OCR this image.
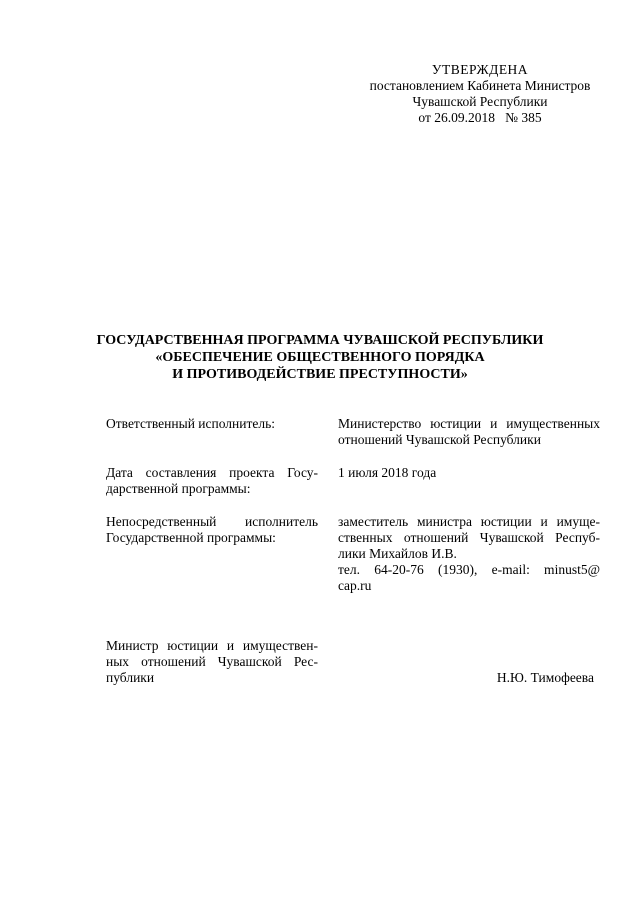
УТВЕРЖДЕНА
постановлением Кабинета Министров
Чувашской Республики
от 26.09.2018   № 385
ГОСУДАРСТВЕННАЯ ПРОГРАММА ЧУВАШСКОЙ РЕСПУБЛИКИ
«ОБЕСПЕЧЕНИЕ ОБЩЕСТВЕННОГО ПОРЯДКА
И ПРОТИВОДЕЙСТВИЕ ПРЕСТУПНОСТИ»
Ответственный исполнитель:	Министерство юстиции и имущественных
отношений Чувашской Республики
Дата составления проекта Госу-
дарственной программы:
1 июля 2018 года
Непосредственный исполнитель
Государственной программы:
заместитель министра юстиции и имуще-
ственных отношений Чувашской Респуб-
лики Михайлов И.В.
тел. 64-20-76 (1930), e-mail: minust5@
cap.ru
Министр юстиции и имуществен-
ных отношений Чувашской Рес-
публики	Н.Ю. Тимофеева
